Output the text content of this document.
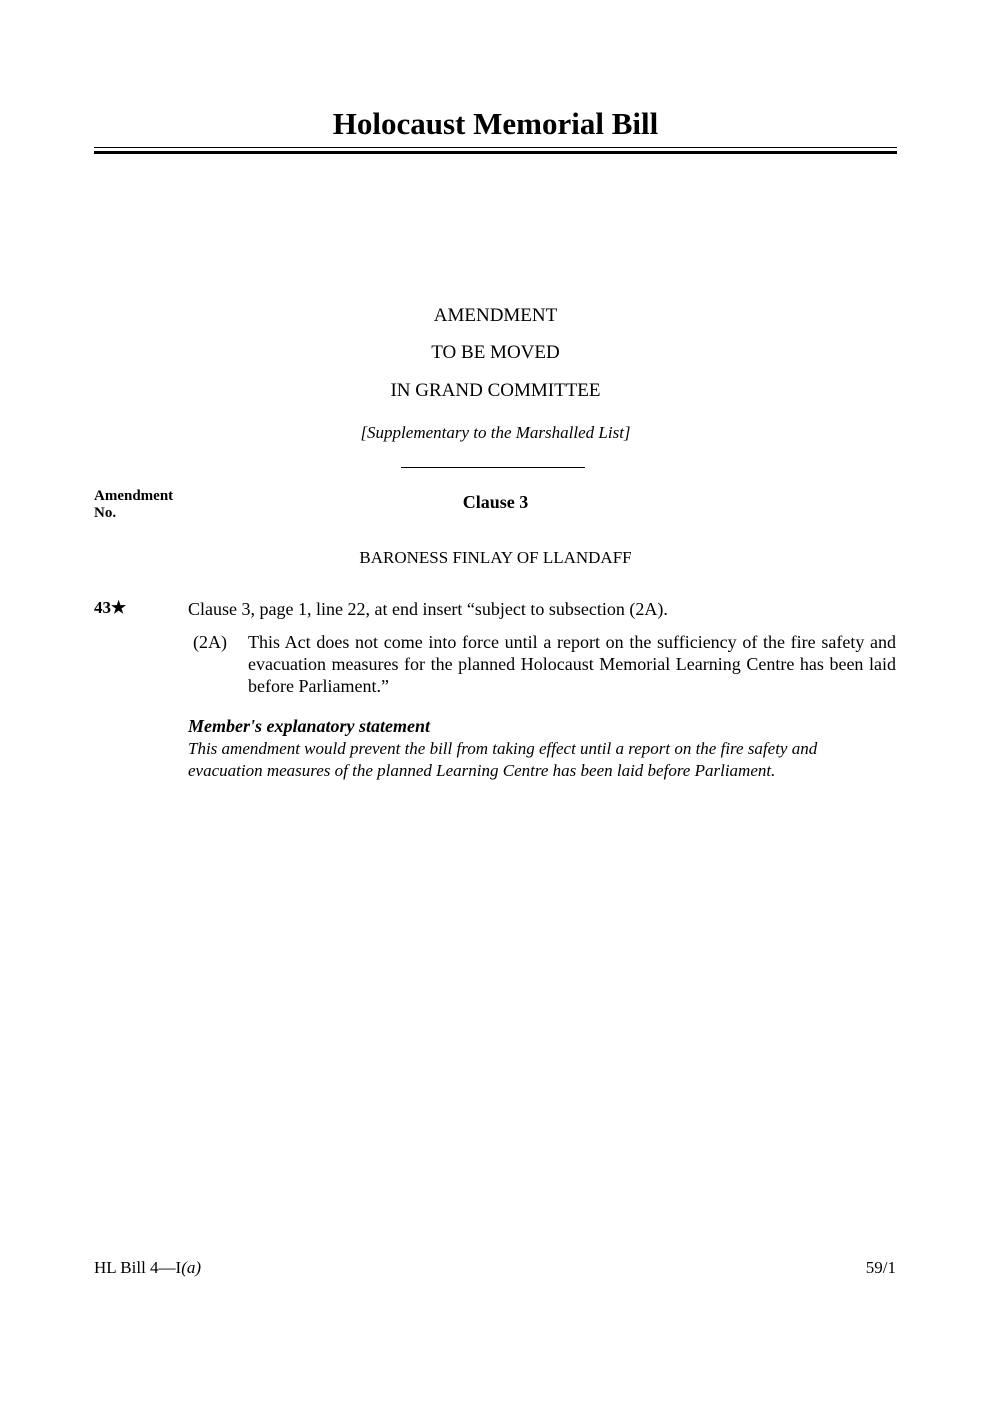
Holocaust Memorial Bill
AMENDMENT
TO BE MOVED
IN GRAND COMMITTEE
[Supplementary to the Marshalled List]
Amendment
No.
Clause 3
BARONESS FINLAY OF LLANDAFF
43★	Clause 3, page 1, line 22, at end insert “subject to subsection (2A).
(2A) This Act does not come into force until a report on the sufficiency of the fire safety and evacuation measures for the planned Holocaust Memorial Learning Centre has been laid before Parliament.”
Member's explanatory statement
This amendment would prevent the bill from taking effect until a report on the fire safety and evacuation measures of the planned Learning Centre has been laid before Parliament.
HL Bill 4—I(a)	59/1
